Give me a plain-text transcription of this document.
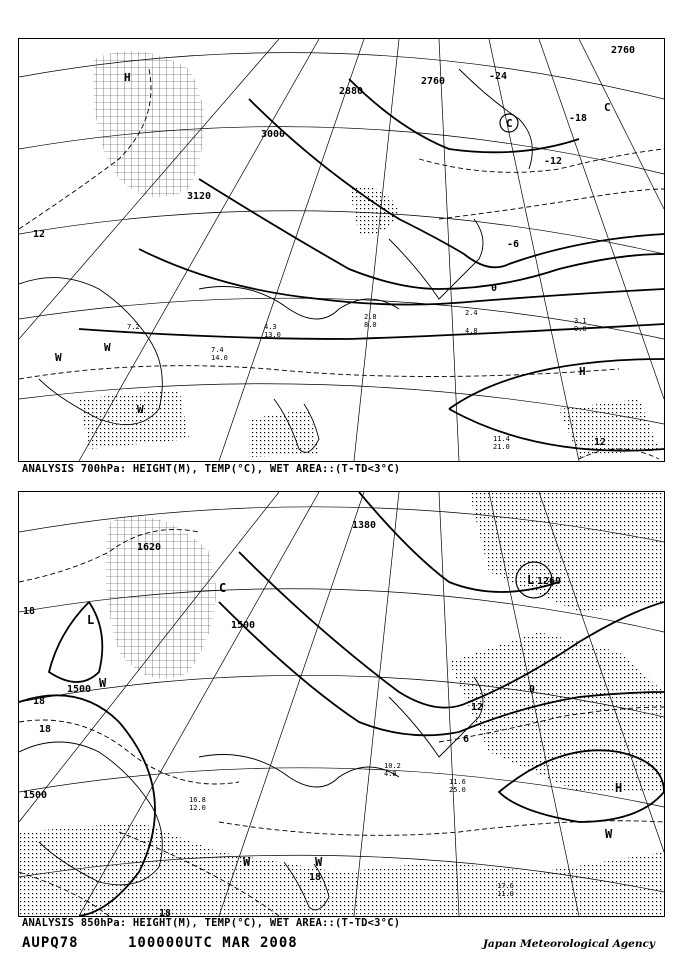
3000
2760
2760
2880
3120
-24
-18
-12
-6
0
12
12
H
H
C
C
W
W
W
7.2
2.4
4.8
11.4
21.0
3.1
9.0
7.4
14.0
4.3
13.0
2.8
8.0
ANALYSIS 700hPa: HEIGHT(M), TEMP(°C), WET AREA::(T-TD<3°C)
1380
1620
1500
1500
1500
1260
18
18
18
0
12
6
18
18
L
L
H
C
W	W
W
W
11.6
25.0
16.8
12.0
17.6
11.0
10.2
4.8
ANALYSIS 850hPa: HEIGHT(M), TEMP(°C), WET AREA::(T-TD<3°C)
AUPQ78	100000UTC MAR 2008	Japan Meteorological Agency
